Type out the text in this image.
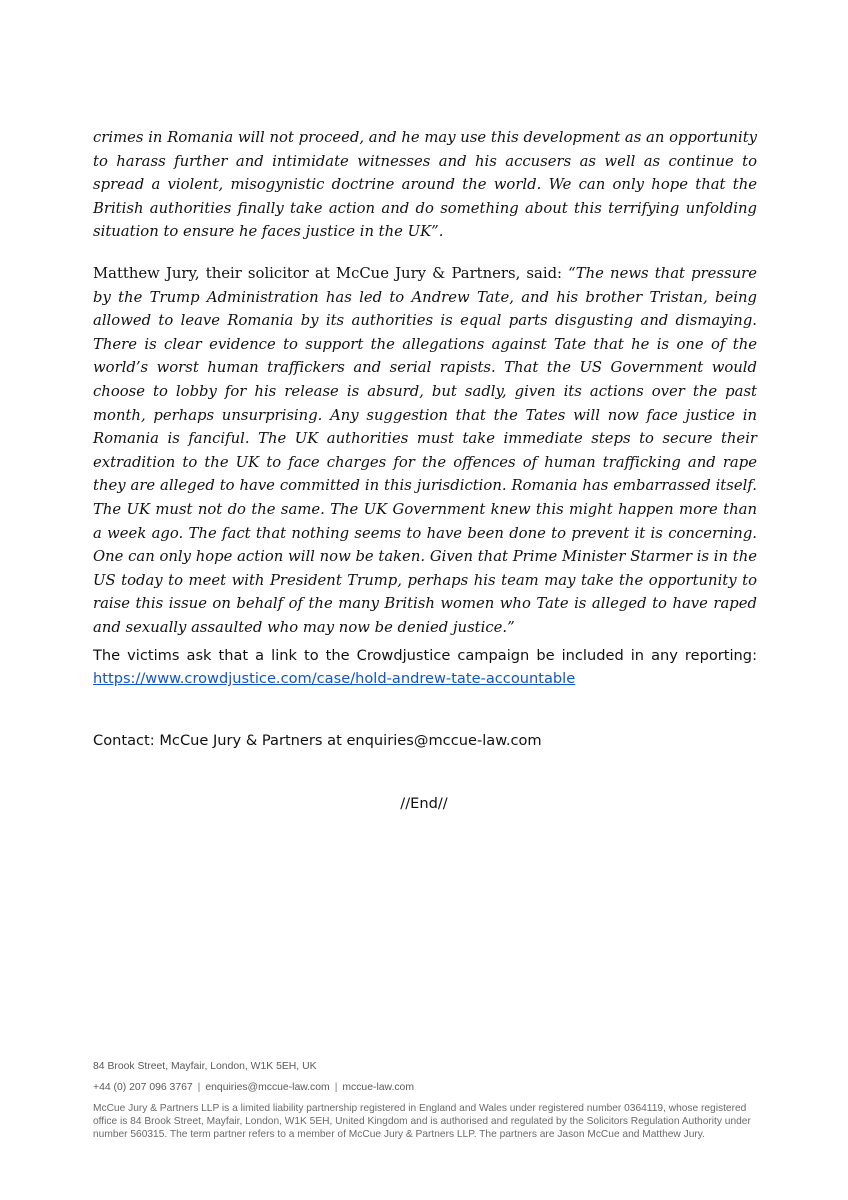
crimes in Romania will not proceed, and he may use this development as an opportunity to harass further and intimidate witnesses and his accusers as well as continue to spread a violent, misogynistic doctrine around the world. We can only hope that the British authorities finally take action and do something about this terrifying unfolding situation to ensure he faces justice in the UK”.

Matthew Jury, their solicitor at McCue Jury & Partners, said: “The news that pressure by the Trump Administration has led to Andrew Tate, and his brother Tristan, being allowed to leave Romania by its authorities is equal parts disgusting and dismaying. There is clear evidence to support the allegations against Tate that he is one of the world’s worst human traffickers and serial rapists. That the US Government would choose to lobby for his release is absurd, but sadly, given its actions over the past month, perhaps unsurprising. Any suggestion that the Tates will now face justice in Romania is fanciful. The UK authorities must take immediate steps to secure their extradition to the UK to face charges for the offences of human trafficking and rape they are alleged to have committed in this jurisdiction. Romania has embarrassed itself. The UK must not do the same. The UK Government knew this might happen more than a week ago. The fact that nothing seems to have been done to prevent it is concerning. One can only hope action will now be taken. Given that Prime Minister Starmer is in the US today to meet with President Trump, perhaps his team may take the opportunity to raise this issue on behalf of the many British women who Tate is alleged to have raped and sexually assaulted who may now be denied justice.”

The victims ask that a link to the Crowdjustice campaign be included in any reporting: https://www.crowdjustice.com/case/hold-andrew-tate-accountable

Contact: McCue Jury & Partners at enquiries@mccue-law.com

//End//

84 Brook Street, Mayfair, London, W1K 5EH, UK

+44 (0) 207 096 3767 | enquiries@mccue-law.com | mccue-law.com

McCue Jury & Partners LLP is a limited liability partnership registered in England and Wales under registered number 0364119, whose registered office is 84 Brook Street, Mayfair, London, W1K 5EH, United Kingdom and is authorised and regulated by the Solicitors Regulation Authority under number 560315. The term partner refers to a member of McCue Jury & Partners LLP. The partners are Jason McCue and Matthew Jury.
